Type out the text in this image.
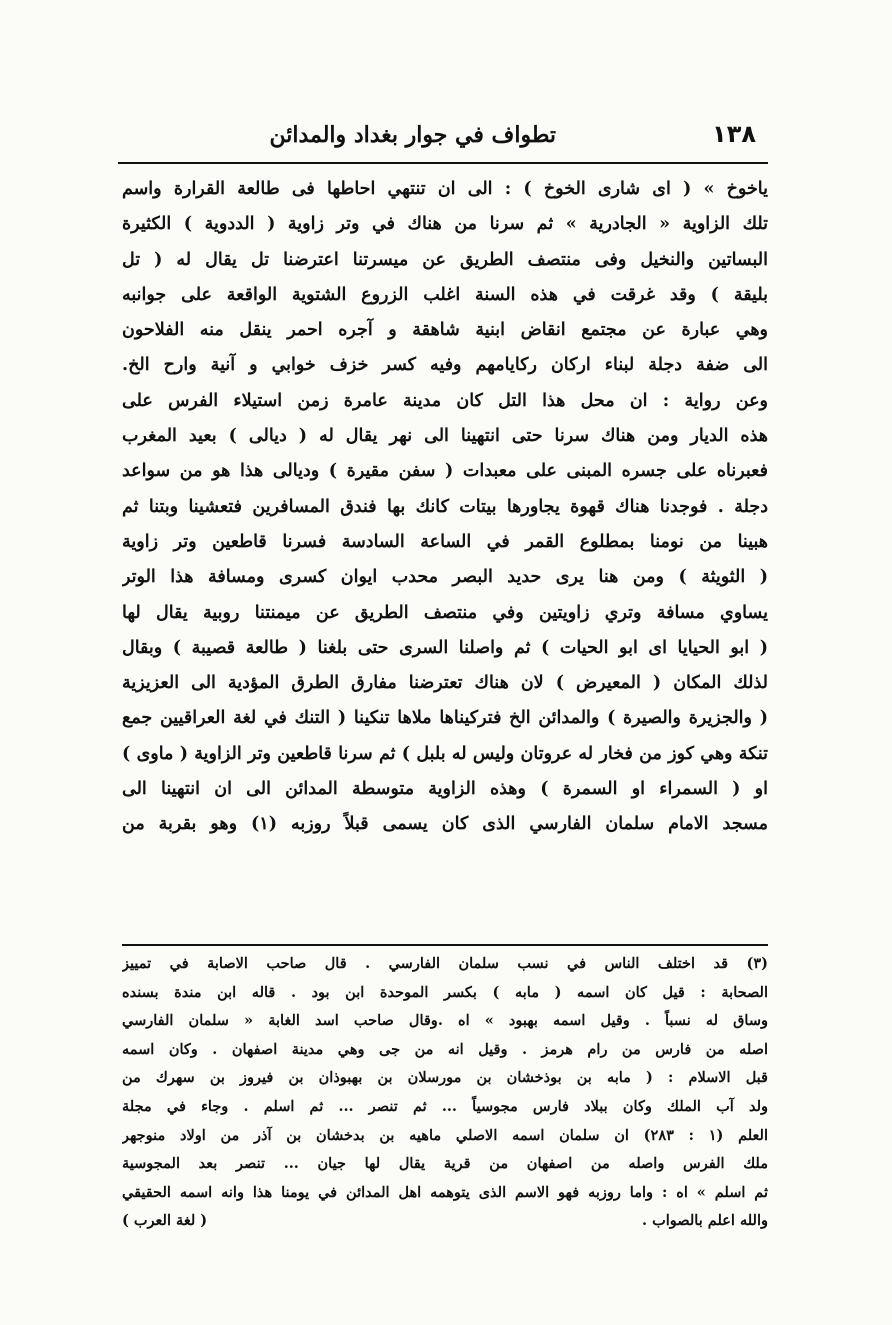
١٣٨
تطواف في جوار بغداد والمدائن
ياخوخ » ( اى شارى الخوخ ) : الى ان تنتهي احاطها فى طالعة القرارة واسم
تلك الزاوية « الجادرية » ثم سرنا من هناك في وتر زاوية ( الددوية ) الكثيرة
البساتين والنخيل وفى منتصف الطريق عن ميسرتنا اعترضنا تل يقال له ( تل
بليقة ) وقد غرقت في هذه السنة اغلب الزروع الشتوية الواقعة على جوانبه
وهي عبارة عن مجتمع انقاض ابنية شاهقة و آجره احمر ينقل منه الفلاحون
الى ضفة دجلة لبناء اركان ركايامهم وفيه كسر خزف خوابي و آنية وارح الخ.
وعن رواية : ان محل هذا التل كان مدينة عامرة زمن استيلاء الفرس على
هذه الديار ومن هناك سرنا حتى انتهينا الى نهر يقال له ( ديالى ) بعيد المغرب
فعبرناه على جسره المبنى على معبدات ( سفن مقيرة ) وديالى هذا هو من سواعد
دجلة . فوجدنا هناك قهوة يجاورها بيتات كانك بها فندق المسافرين فتعشينا وبتنا ثم
هبينا من نومنا بمطلوع القمر في الساعة السادسة فسرنا قاطعين وتر زاوية
( الثويثة ) ومن هنا يرى حديد البصر محدب ايوان كسرى ومسافة هذا الوتر
يساوي مسافة وتري زاويتين وفي منتصف الطريق عن ميمنتنا روبية يقال لها
( ابو الحيايا اى ابو الحيات ) ثم واصلنا السرى حتى بلغنا ( طالعة قصيبة ) وبقال
لذلك المكان ( المعيرض ) لان هناك تعترضنا مفارق الطرق المؤدية الى العزيزية
( والجزيرة والصيرة ) والمدائن الخ فتركيناها ملاها تنكينا ( التنك في لغة العراقيين جمع
تنكة وهي كوز من فخار له عروتان وليس له بلبل ) ثم سرنا قاطعين وتر الزاوية ( ماوى )
او ( السمراء او السمرة ) وهذه الزاوية متوسطة المدائن الى ان انتهينا الى
مسجد الامام سلمان الفارسي الذى كان يسمى قبلاً روزبه (١) وهو بقربة من
(٣) قد اختلف الناس في نسب سلمان الفارسي . قال صاحب الاصابة في تمييز
الصحابة : قيل كان اسمه ( مابه ) بكسر الموحدة ابن بود . قاله ابن مندة بسنده
وساق له نسباً . وقيل اسمه بهبود » اه .وقال صاحب اسد الغابة « سلمان الفارسي
اصله من فارس من رام هرمز . وقيل انه من جى وهي مدينة اصفهان . وكان اسمه
قبل الاسلام : ( مابه بن بوذخشان بن مورسلان بن بهبوذان بن فيروز بن سهرك من
ولد آب الملك وكان ببلاد فارس مجوسياً ... ثم تنصر ... ثم اسلم . وجاء في مجلة
العلم (١ : ٢٨٣) ان سلمان اسمه الاصلي ماهيه بن بدخشان بن آذر من اولاد منوجهر
ملك الفرس واصله من اصفهان من قرية يقال لها جيان ... تنصر بعد المجوسية
ثم اسلم » اه : واما روزبه فهو الاسم الذى يتوهمه اهل المدائن في يومنا هذا وانه اسمه الحقيقي
والله اعلم بالصواب .
( لغة العرب )
